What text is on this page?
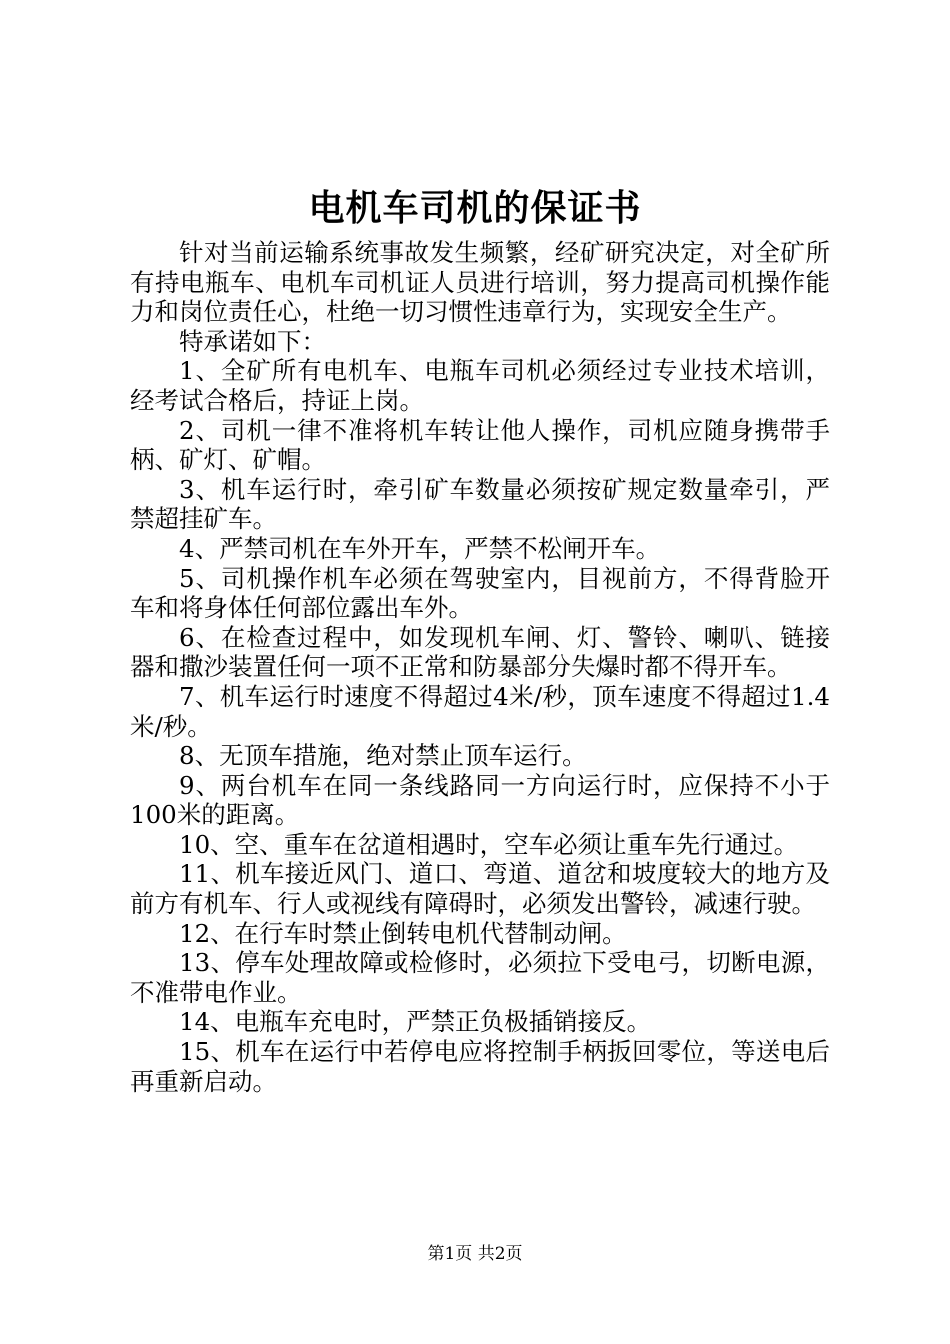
电机车司机的保证书

针对当前运输系统事故发生频繁，经矿研究决定，对全矿所有持电瓶车、电机车司机证人员进行培训，努力提高司机操作能力和岗位责任心，杜绝一切习惯性违章行为，实现安全生产。

特承诺如下：

1、全矿所有电机车、电瓶车司机必须经过专业技术培训，经考试合格后，持证上岗。

2、司机一律不准将机车转让他人操作，司机应随身携带手柄、矿灯、矿帽。

3、机车运行时，牵引矿车数量必须按矿规定数量牵引，严禁超挂矿车。

4、严禁司机在车外开车，严禁不松闸开车。

5、司机操作机车必须在驾驶室内，目视前方，不得背脸开车和将身体任何部位露出车外。

6、在检查过程中，如发现机车闸、灯、警铃、喇叭、链接器和撒沙装置任何一项不正常和防暴部分失爆时都不得开车。

7、机车运行时速度不得超过4米/秒，顶车速度不得超过1.4米/秒。

8、无顶车措施，绝对禁止顶车运行。

9、两台机车在同一条线路同一方向运行时，应保持不小于100米的距离。

10、空、重车在岔道相遇时，空车必须让重车先行通过。

11、机车接近风门、道口、弯道、道岔和坡度较大的地方及前方有机车、行人或视线有障碍时，必须发出警铃，减速行驶。

12、在行车时禁止倒转电机代替制动闸。

13、停车处理故障或检修时，必须拉下受电弓，切断电源，不准带电作业。

14、电瓶车充电时，严禁正负极插销接反。

15、机车在运行中若停电应将控制手柄扳回零位，等送电后再重新启动。

第1页 共2页
